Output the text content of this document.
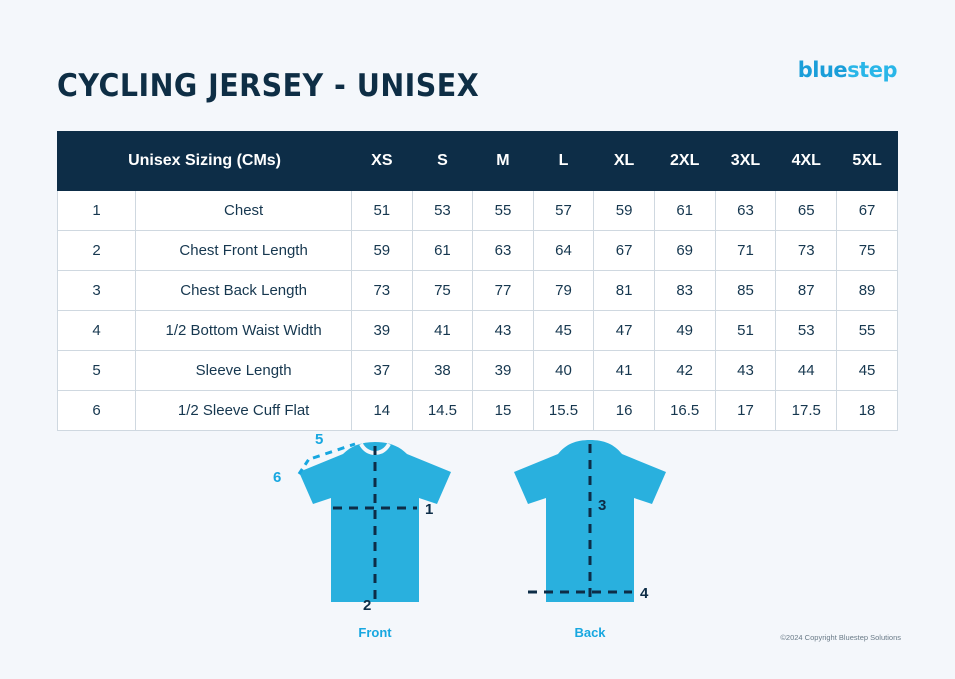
bluestep
CYCLING JERSEY - UNISEX
Unisex Sizing (CMs)		XS	S	M	L	XL	2XL	3XL	4XL	5XL
1	Chest	51	53	55	57	59	61	63	65	67
2	Chest Front Length	59	61	63	64	67	69	71	73	75
3	Chest Back Length	73	75	77	79	81	83	85	87	89
4	1/2 Bottom Waist Width	39	41	43	45	47	49	51	53	55
5	Sleeve Length	37	38	39	40	41	42	43	44	45
6	1/2 Sleeve Cuff Flat	14	14.5	15	15.5	16	16.5	17	17.5	18
1
2
5
6
Front
3
4
Back	©2024 Copyright Bluestep Solutions
